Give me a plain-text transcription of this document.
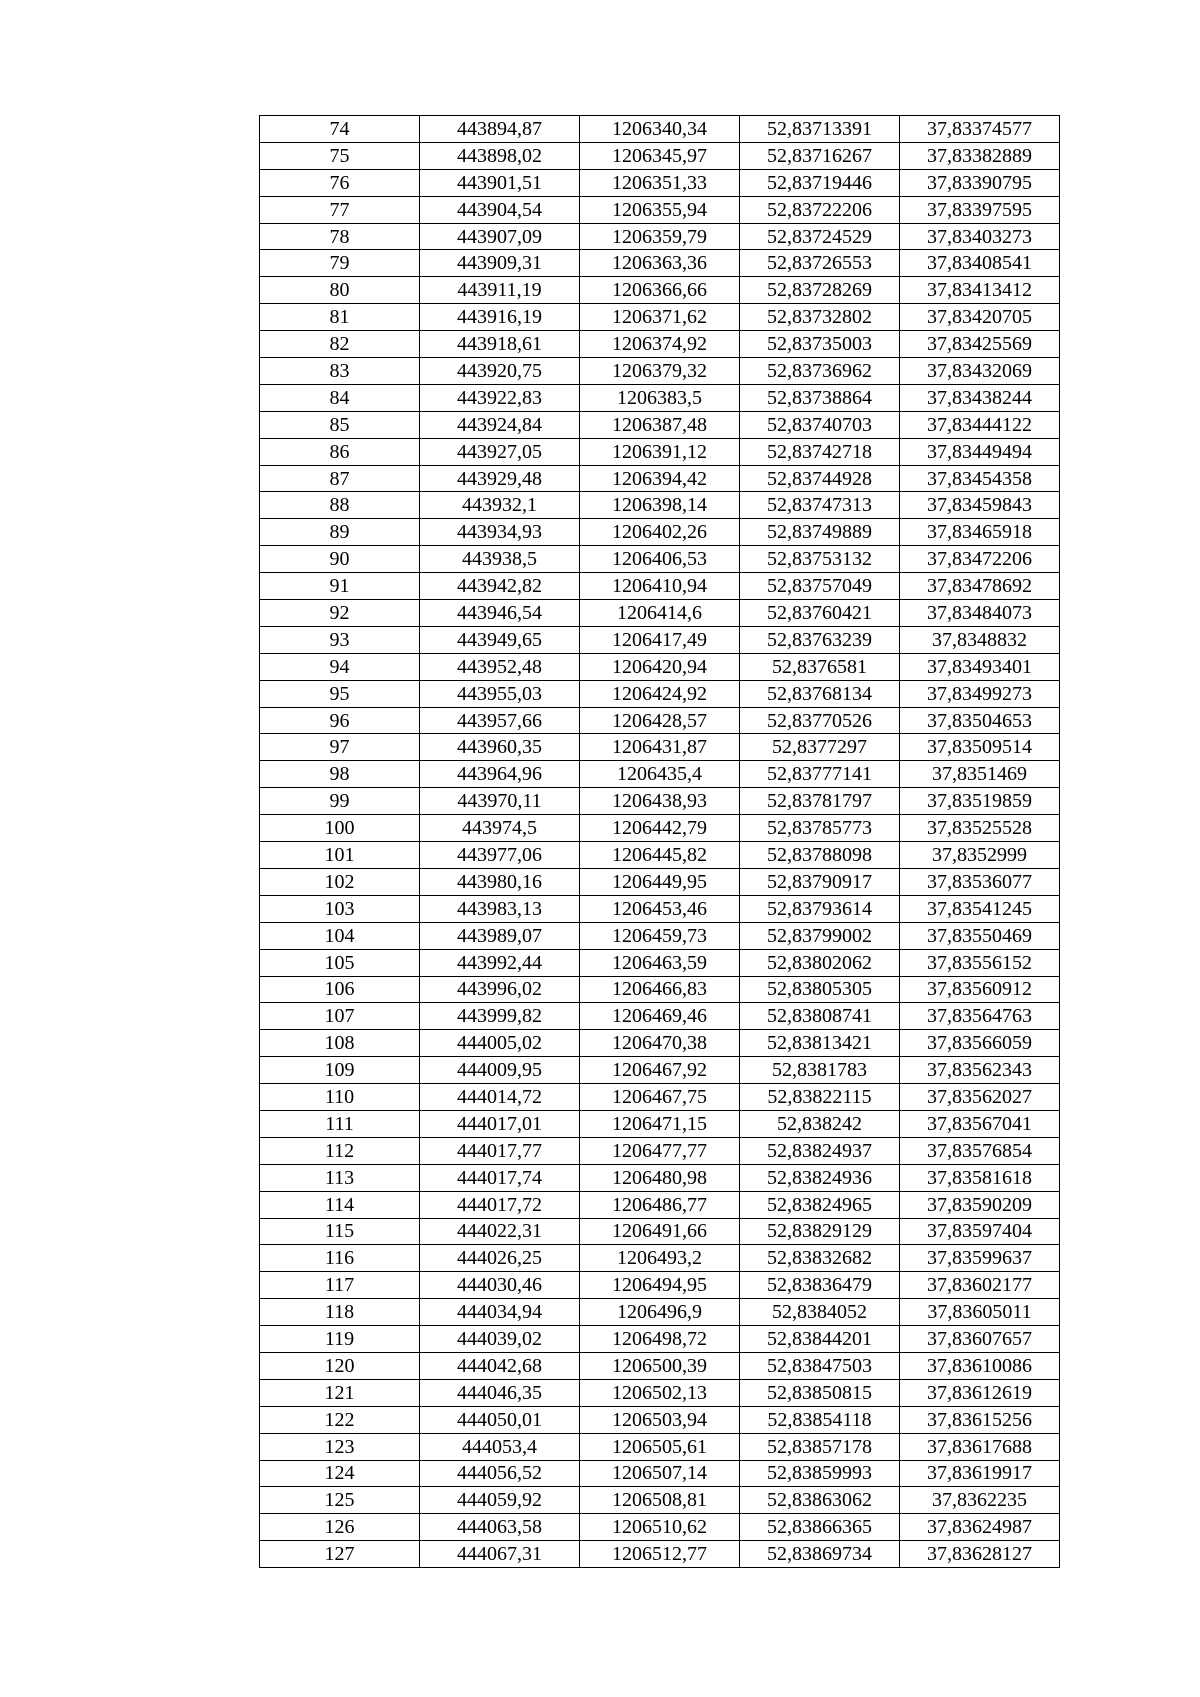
74	443894,87	1206340,34	52,83713391	37,83374577
75	443898,02	1206345,97	52,83716267	37,83382889
76	443901,51	1206351,33	52,83719446	37,83390795
77	443904,54	1206355,94	52,83722206	37,83397595
78	443907,09	1206359,79	52,83724529	37,83403273
79	443909,31	1206363,36	52,83726553	37,83408541
80	443911,19	1206366,66	52,83728269	37,83413412
81	443916,19	1206371,62	52,83732802	37,83420705
82	443918,61	1206374,92	52,83735003	37,83425569
83	443920,75	1206379,32	52,83736962	37,83432069
84	443922,83	1206383,5	52,83738864	37,83438244
85	443924,84	1206387,48	52,83740703	37,83444122
86	443927,05	1206391,12	52,83742718	37,83449494
87	443929,48	1206394,42	52,83744928	37,83454358
88	443932,1	1206398,14	52,83747313	37,83459843
89	443934,93	1206402,26	52,83749889	37,83465918
90	443938,5	1206406,53	52,83753132	37,83472206
91	443942,82	1206410,94	52,83757049	37,83478692
92	443946,54	1206414,6	52,83760421	37,83484073
93	443949,65	1206417,49	52,83763239	37,8348832
94	443952,48	1206420,94	52,8376581	37,83493401
95	443955,03	1206424,92	52,83768134	37,83499273
96	443957,66	1206428,57	52,83770526	37,83504653
97	443960,35	1206431,87	52,8377297	37,83509514
98	443964,96	1206435,4	52,83777141	37,8351469
99	443970,11	1206438,93	52,83781797	37,83519859
100	443974,5	1206442,79	52,83785773	37,83525528
101	443977,06	1206445,82	52,83788098	37,8352999
102	443980,16	1206449,95	52,83790917	37,83536077
103	443983,13	1206453,46	52,83793614	37,83541245
104	443989,07	1206459,73	52,83799002	37,83550469
105	443992,44	1206463,59	52,83802062	37,83556152
106	443996,02	1206466,83	52,83805305	37,83560912
107	443999,82	1206469,46	52,83808741	37,83564763
108	444005,02	1206470,38	52,83813421	37,83566059
109	444009,95	1206467,92	52,8381783	37,83562343
110	444014,72	1206467,75	52,83822115	37,83562027
111	444017,01	1206471,15	52,838242	37,83567041
112	444017,77	1206477,77	52,83824937	37,83576854
113	444017,74	1206480,98	52,83824936	37,83581618
114	444017,72	1206486,77	52,83824965	37,83590209
115	444022,31	1206491,66	52,83829129	37,83597404
116	444026,25	1206493,2	52,83832682	37,83599637
117	444030,46	1206494,95	52,83836479	37,83602177
118	444034,94	1206496,9	52,8384052	37,83605011
119	444039,02	1206498,72	52,83844201	37,83607657
120	444042,68	1206500,39	52,83847503	37,83610086
121	444046,35	1206502,13	52,83850815	37,83612619
122	444050,01	1206503,94	52,83854118	37,83615256
123	444053,4	1206505,61	52,83857178	37,83617688
124	444056,52	1206507,14	52,83859993	37,83619917
125	444059,92	1206508,81	52,83863062	37,8362235
126	444063,58	1206510,62	52,83866365	37,83624987
127	444067,31	1206512,77	52,83869734	37,83628127
